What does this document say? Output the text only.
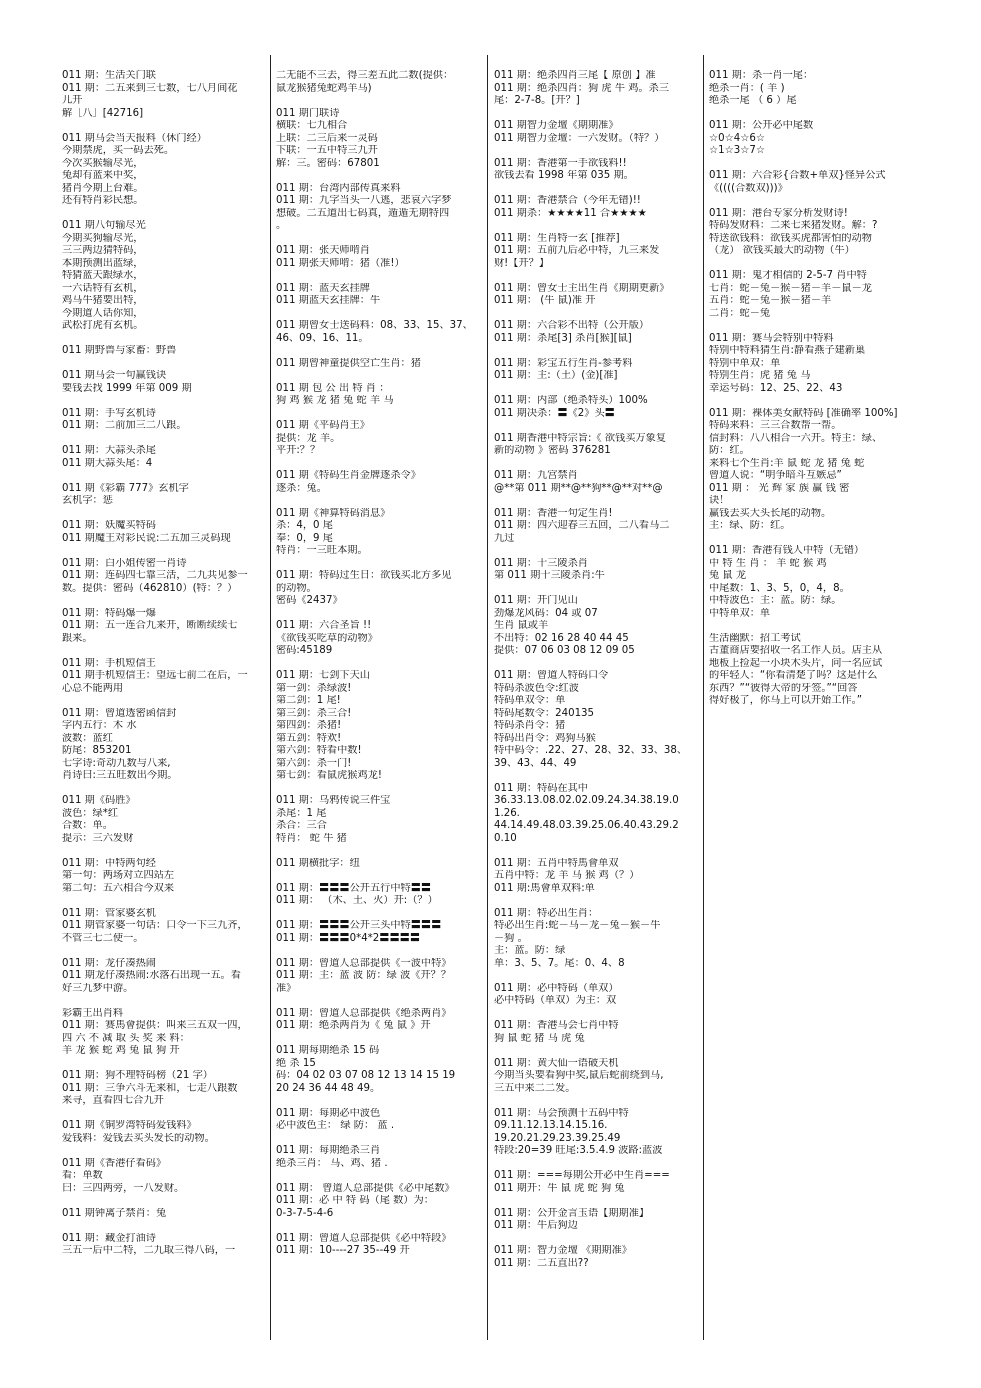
011 期：生活关门联
011 期：二五来到三七数，七八月间花
儿开
解［八］[42716]
011 期马会当天报料（休门经）
今期禁虎，买一码去死。
今次买猴输尽光，
兔却有蓝来中奖，
猪肖今期上台难。
还有特肖彩民想。
011 期八句输尽光
今期买狗输尽光，
三三两边猜特码，
本期预测出蓝绿，
特猜蓝天跟绿水，
一六话特有玄机，
鸡马牛猪要出特，
今期道人话你知，
武松打虎有玄机。
011 期野兽与家畜：野兽
011 期马会一句赢钱诀
要钱去找 1999 年第 009 期
011 期：手写玄机诗
011 期：二前加三二八跟。
011 期：大蒜头杀尾
011 期大蒜头尾：4
011 期《彩霸 777》玄机字
玄机字：惩
011 期：妖魔买特码
011 期魔王对彩民说:二五加三灵码现
011 期：白小姐传密一肖诗
011 期：连码四七靠三活，二九共见参一
数。提供：密码（462810）(特：？）
011 期：特码爆一爆
011 期：五一连合九来开，断断续续七
跟来。
011 期：手机短信王
011 期手机短信王：望远七前二在后，一
心总不能两用
011 期：曾道透密函信封
字内五行：木 水
波数：蓝红
防尾：853201
七字诗:奇动九数与八来,
肖诗曰:三五旺数出今期。
011 期《码胜》
波色：绿*红
合数：单。
提示：三六发财
011 期：中特两句经
第一句：两场对立四站左
第二句：五六相合今双来
011 期：管家婆玄机
011 期管家婆一句话：口令一下三九齐，
不管三七二使一。
011 期：龙仔凑热闹
011 期龙仔凑热闹:水落石出现一五。看
好三九梦中游。
彩霸王出肖料
011 期：赛馬會提供：叫来三五双一四，
四 六 不 减 取 头 奖 来 料：
羊 龙 猴 蛇 鸡 兔 鼠 狗 开
011 期：狗不理特码榜（21 字）
011 期：三争六斗无来和，七走八跟数
来寻，直看四七合九开
011 期《铜罗湾特码爱钱料》
爱钱料：爱钱去买头发长的动物。
011 期《香港仔看码》
看：单数
曰：三四两旁，一八发财。
011 期钟离子禁肖：兔
011 期：藏金打油诗
三五一后中二特，二九取三得八码，一
二无能不三去，得三差五此二数(提供：
鼠龙猴猪兔蛇鸡羊马)
011 期门联诗
横联：七九相合
上联：二三后来一灵码
下联：一五中特三九开
解：三。密码：67801
011 期：台湾内部传真来料
011 期：九字当头一八逃，悲哀六字梦
想破。二五道出七码真，遁遁无期特四
。
011 期：张天师啃肖
011 期张天师啃：猪（准!）
011 期：蓝天玄挂牌
011 期蓝天玄挂牌：牛
011 期曾女士送码料：08、33、15、37、
46、09、16、11。
011 期曾神童提供空亡生肖：猪
011 期 包 公 出 特 肖 ：
狗 鸡 猴 龙 猪 兔 蛇 羊 马
011 期《平码肖王》
提供：龙 羊。
平开:？？
011 期《特码生肖金牌逐杀令》
逐杀：兔。
011 期《神算特码消息》
杀：4，0 尾
奉：0，9 尾
特肖：一三旺本期。
011 期：特码过生日：欲钱买北方多见
的动物。
密码《2437》
011 期：六合圣旨 !!
《欲钱买吃草的动物》
密码:45189
011 期：七剑下天山
第一剑：杀绿波!
第二剑：1 尾!
第三剑：杀三合!
第四剑：杀猪!
第五剑：特欢!
第六剑：特看中数!
第六剑：杀一门!
第七剑：看鼠虎猴鸡龙!
011 期：乌鸦传说三件宝
杀尾：1 尾
杀合：三合
特肖： 蛇 牛 猪
011 期横批字：纽
011 期：〓〓〓公开五行中特〓〓
011 期： （木、土、火）开:（？）
011 期：〓〓〓公开三头中特〓〓〓
011 期：〓〓〓0*4*2〓〓〓〓
011 期：曾道人总部提供《一波中特》
011 期：主：蓝 波 防：绿 波《开？？
准》
011 期：曾道人总部提供《绝杀两肖》
011 期：绝杀两肖为《 兔 鼠 》开
011 期每期绝杀 15 码
绝 杀 15
码：04 02 03 07 08 12 13 14 15 19
20 24 36 44 48 49。
011 期：每期必中波色
必中波色主： 绿 防： 蓝 .
011 期：每期绝杀三肖
绝杀三肖： 马、鸡、猪 .
011 期： 曾道人总部提供《必中尾数》
011 期：必 中 特 码（尾 数）为：
0-3-7-5-4-6
011 期：曾道人总部提供《必中特段》
011 期：10----27 35--49 开
011 期：绝杀四肖三尾【 原创 】准
011 期：绝杀四肖：狗 虎 牛 鸡。杀三
尾：2-7-8。[开？]
011 期智力金壇《期期准》
011 期智力金壇：一六发财。（特？）
011 期：香港第一手欲钱料!!
欲钱去看 1998 年第 035 期。
011 期：香港禁合（今年无错)!!
011 期杀：★★★★11 合★★★★
011 期：生肖特一玄 [推荐]
011 期：五前九后必中特，九三来发
财!【开？】
011 期：曾女士主出生肖《期期更新》
011 期： (牛 鼠)准 开
011 期：六合彩不出特（公开版）
011 期：杀尾[3] 杀肖[猴][鼠]
011 期：彩宝五行生肖-参考料
011 期：主:（土）(金)[准]
011 期：内部（绝杀特头）100%
011 期决杀：〓《2》头〓
011 期香港中特宗旨:《 欲钱买万象复
新的动物 》密码 376281
011 期：九宫禁肖
@**第 011 期**@**狗**@**对**@
011 期：香港一句定生肖!
011 期：四六迎春三五回，二八看马二
九过
011 期：十三陵杀肖
第 011 期十三陵杀肖:牛
011 期：开门见山
劲爆龙风码：04 或 07
生肖 鼠或羊
不出特：02 16 28 40 44 45
提供：07 06 03 08 12 09 05
011 期：曾道人特码口令
特码杀波色令:红波
特码单双令：单
特码尾数令：240135
特码杀肖令：猪
特码出肖令：鸡狗马猴
特中码令：.22、27、28、32、33、38、
39、43、44、49
011 期：特码在其中
36.33.13.08.02.02.09.24.34.38.19.0
1.26.
44.14.49.48.03.39.25.06.40.43.29.2
0.10
011 期：五肖中特馬會单双
五肖中特：龙 羊 马 猴 鸡（？）
011 期:馬會单双料:单
011 期：特必出生肖：
特必出生肖:蛇－马－龙－兔－猴－牛
－狗 。
主：蓝。防：绿
单：3、5、7。尾：0、4、8
011 期：必中特码（单双）
必中特码（单双）为主：双
011 期：香港马会七肖中特
狗 鼠 蛇 猪 马 虎 兔
011 期：黄大仙一语破天机
今期当头要看狗中奖,鼠后蛇前绕到马,
三五中来二二发。
011 期：马会预测十五码中特
09.11.12.13.14.15.16.
19.20.21.29.23.39.25.49
特段:20=39 旺尾:3.5.4.9 波路:蓝波
011 期：===每期公开必中生肖===
011 期开：牛 鼠 虎 蛇 狗 兔
011 期：公开金言玉语【期期准】
011 期：牛后狗边
011 期：智力金壇 《期期准》
011 期：二五直出??
011 期：杀一肖一尾：
绝杀一肖：( 羊 )
绝杀一尾 （ 6 ）尾
011 期：公开必中尾数
☆0☆4☆6☆
☆1☆3☆7☆
011 期：六合彩{合数+单双}怪异公式
《((((合数双)))》
011 期：港台专家分析发财诗!
特码发财料：二来七来猪发财。解：?
特送欲钱料：欲钱买虎都害怕的动物
（龙） 欲钱买最大的动物（牛）
011 期：鬼才相信的 2-5-7 肖中特
七肖：蛇－兔－猴－猪－羊－鼠－龙
五肖：蛇－兔－猴－猪－羊
二肖：蛇－兔
011 期：赛马会特别中特料
特别中特料猜生肖:静看燕子建新巢
特别中单双：单
特别生肖：虎 猪 兔 马
幸运号码：12、25、22、43
011 期：裸体美女献特码 [准确率 100%]
特码来料：三三合数帮一帮。
信封料：八八相合一六开。特主：绿、
防：红。
来料七个生肖:羊 鼠 蛇 龙 猪 兔 蛇
曾道人说：“明争暗斗互嫉忌”
011 期 ： 光 辉 家 族 赢 钱 密
诀！
赢钱去买大头长尾的动物。
主：绿、防：红。
011 期：香港有钱人中特（无错）
中 特 生 肖 ： 羊 蛇 猴 鸡
兔 鼠 龙
中尾数：1、3、5，0，4，8。
中特波色：主：蓝。防：绿。
中特单双：单
生活幽默：招工考试
古董商店要招收一名工作人员。店主从
地板上捡起一小块木头片，问一名应试
的年轻人：“你看清楚了吗？这是什么
东西？”“彼得大帝的牙签。”“回答
得好极了，你马上可以开始工作。”
